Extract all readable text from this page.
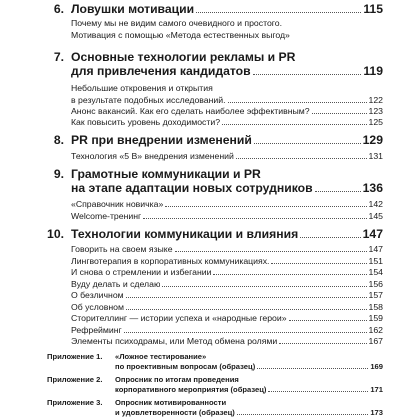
6. Ловушки мотивации	115
Почему мы не видим самого очевидного и простого.
Мотивация с помощью «Метода естественных выгод»
7. Основные технологии рекламы и PR
для привлечения кандидатов	119
Небольшие откровения и открытия
в результате подобных исследований.	122
Анонс вакансий. Как его сделать наиболее эффективным?	123
Как повысить уровень доходимости?	125
8. PR при внедрении изменений	129
Технология «5 В» внедрения изменений	131
9. Грамотные коммуникации и PR
на этапе адаптации новых сотрудников	136
«Справочник новичка»	142
Welcome-тренинг	145
10. Технологии коммуникации и влияния	147
Говорить на своем языке	147
Лингвотерапия в корпоративных коммуникациях.	151
И снова о стремлении и избегании	154
Вуду делать и сделаю	156
О безличном	157
Об условном	158
Сторителлинг — истории успеха и «народные герои»	159
Рефрейминг	162
Элементы психодрамы, или Метод обмена ролями	167
Приложение 1. «Ложное тестирование»
по проективным вопросам (образец)	169
Приложение 2. Опросник по итогам проведения
корпоративного мероприятия (образец)	171
Приложение 3. Опросник мотивированности
и удовлетворенности (образец)	173
